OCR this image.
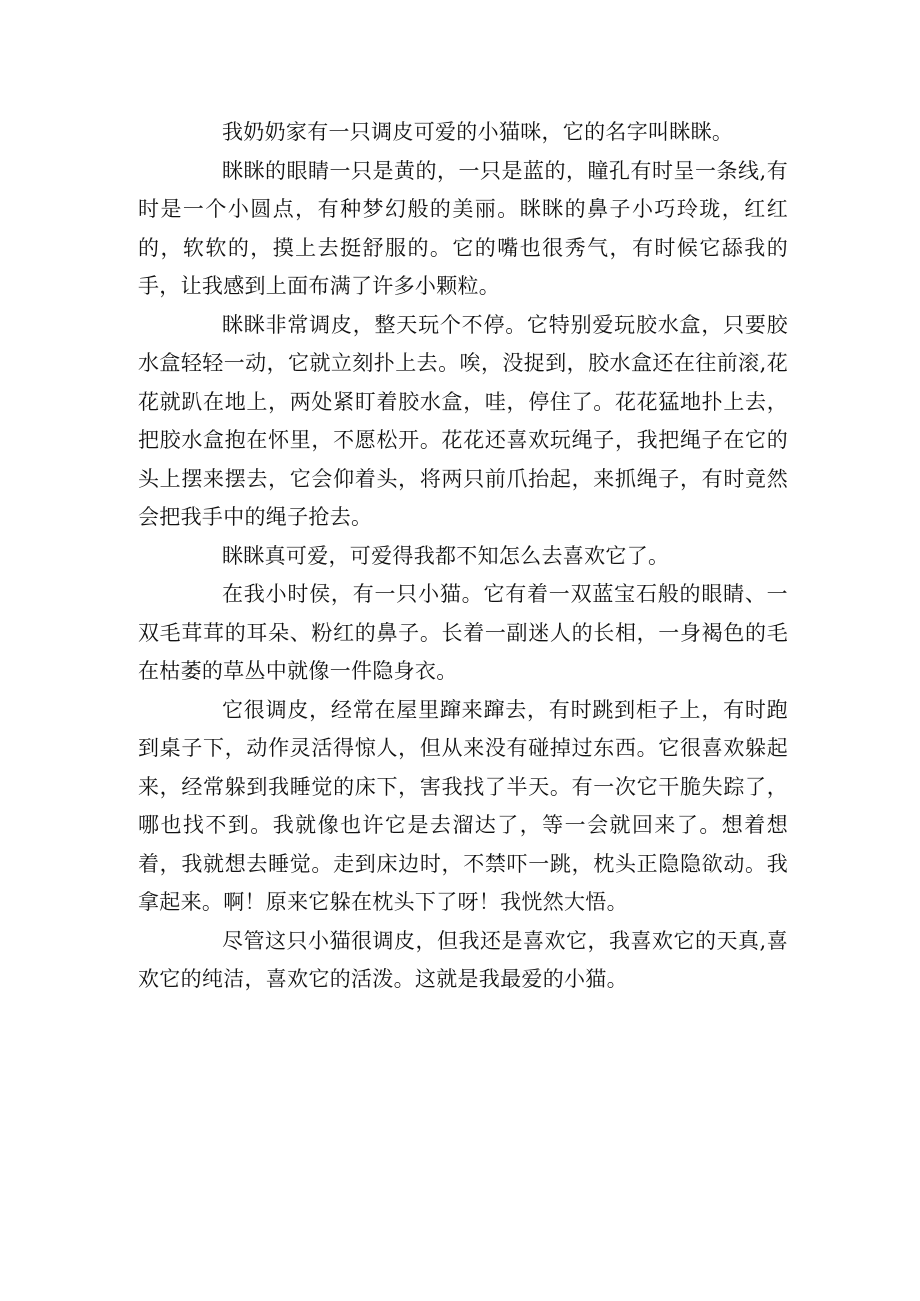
我奶奶家有一只调皮可爱的小猫咪，它的名字叫眯眯。

眯眯的眼睛一只是黄的，一只是蓝的，瞳孔有时呈一条线,有时是一个小圆点，有种梦幻般的美丽。眯眯的鼻子小巧玲珑，红红的，软软的，摸上去挺舒服的。它的嘴也很秀气，有时候它舔我的手，让我感到上面布满了许多小颗粒。

眯眯非常调皮，整天玩个不停。它特别爱玩胶水盒，只要胶水盒轻轻一动，它就立刻扑上去。唉，没捉到，胶水盒还在往前滚,花花就趴在地上，两处紧盯着胶水盒，哇，停住了。花花猛地扑上去，把胶水盒抱在怀里，不愿松开。花花还喜欢玩绳子，我把绳子在它的头上摆来摆去，它会仰着头，将两只前爪抬起，来抓绳子，有时竟然会把我手中的绳子抢去。

眯眯真可爱，可爱得我都不知怎么去喜欢它了。

在我小时侯，有一只小猫。它有着一双蓝宝石般的眼睛、一双毛茸茸的耳朵、粉红的鼻子。长着一副迷人的长相，一身褐色的毛在枯萎的草丛中就像一件隐身衣。

它很调皮，经常在屋里蹿来蹿去，有时跳到柜子上，有时跑到桌子下，动作灵活得惊人，但从来没有碰掉过东西。它很喜欢躲起来，经常躲到我睡觉的床下，害我找了半天。有一次它干脆失踪了，哪也找不到。我就像也许它是去溜达了，等一会就回来了。想着想着，我就想去睡觉。走到床边时，不禁吓一跳，枕头正隐隐欲动。我拿起来。啊！原来它躲在枕头下了呀！我恍然大悟。

尽管这只小猫很调皮，但我还是喜欢它，我喜欢它的天真,喜欢它的纯洁，喜欢它的活泼。这就是我最爱的小猫。
